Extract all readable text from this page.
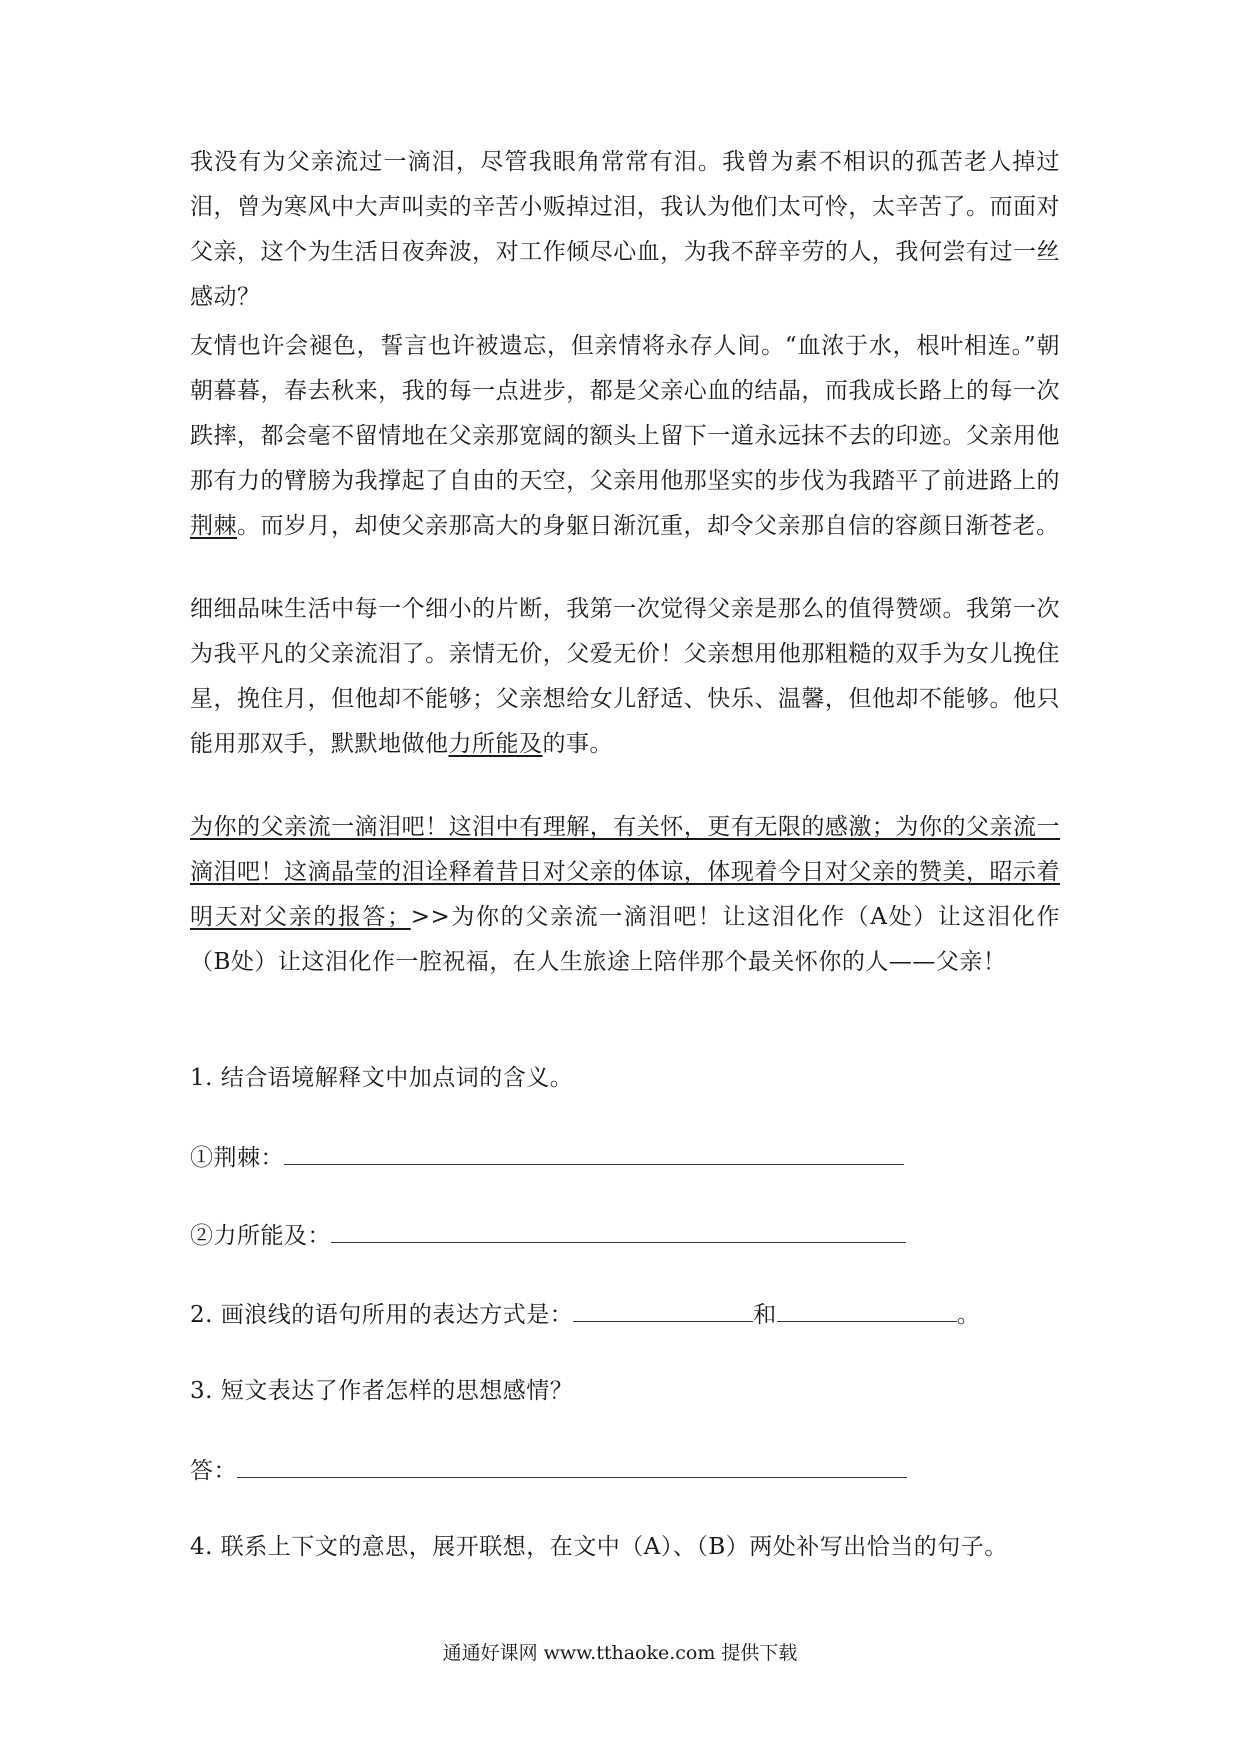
我没有为父亲流过一滴泪，尽管我眼角常常有泪。我曾为素不相识的孤苦老人掉过泪，曾为寒风中大声叫卖的辛苦小贩掉过泪，我认为他们太可怜，太辛苦了。而面对父亲，这个为生活日夜奔波，对工作倾尽心血，为我不辞辛劳的人，我何尝有过一丝感动？

友情也许会褪色，誓言也许被遗忘，但亲情将永存人间。“血浓于水，根叶相连。”朝朝暮暮，春去秋来，我的每一点进步，都是父亲心血的结晶，而我成长路上的每一次跌摔，都会毫不留情地在父亲那宽阔的额头上留下一道永远抹不去的印迹。父亲用他那有力的臂膀为我撑起了自由的天空，父亲用他那坚实的步伐为我踏平了前进路上的荆棘。而岁月，却使父亲那高大的身躯日渐沉重，却令父亲那自信的容颜日渐苍老。

细细品味生活中每一个细小的片断，我第一次觉得父亲是那么的值得赞颂。我第一次为我平凡的父亲流泪了。亲情无价，父爱无价！父亲想用他那粗糙的双手为女儿挽住星，挽住月，但他却不能够；父亲想给女儿舒适、快乐、温馨，但他却不能够。他只能用那双手，默默地做他力所能及的事。

为你的父亲流一滴泪吧！这泪中有理解，有关怀，更有无限的感激；为你的父亲流一滴泪吧！这滴晶莹的泪诠释着昔日对父亲的体谅，体现着今日对父亲的赞美，昭示着明天对父亲的报答；>>为你的父亲流一滴泪吧！让这泪化作（A处）让这泪化作（B处）让这泪化作一腔祝福，在人生旅途上陪伴那个最关怀你的人——父亲！

1. 结合语境解释文中加点词的含义。

①荆棘：

②力所能及：

2. 画浪线的语句所用的表达方式是：	和	。

3. 短文表达了作者怎样的思想感情？

答：

4. 联系上下文的意思，展开联想，在文中（A）、（B）两处补写出恰当的句子。

通通好课网 www.tthaoke.com 提供下载
